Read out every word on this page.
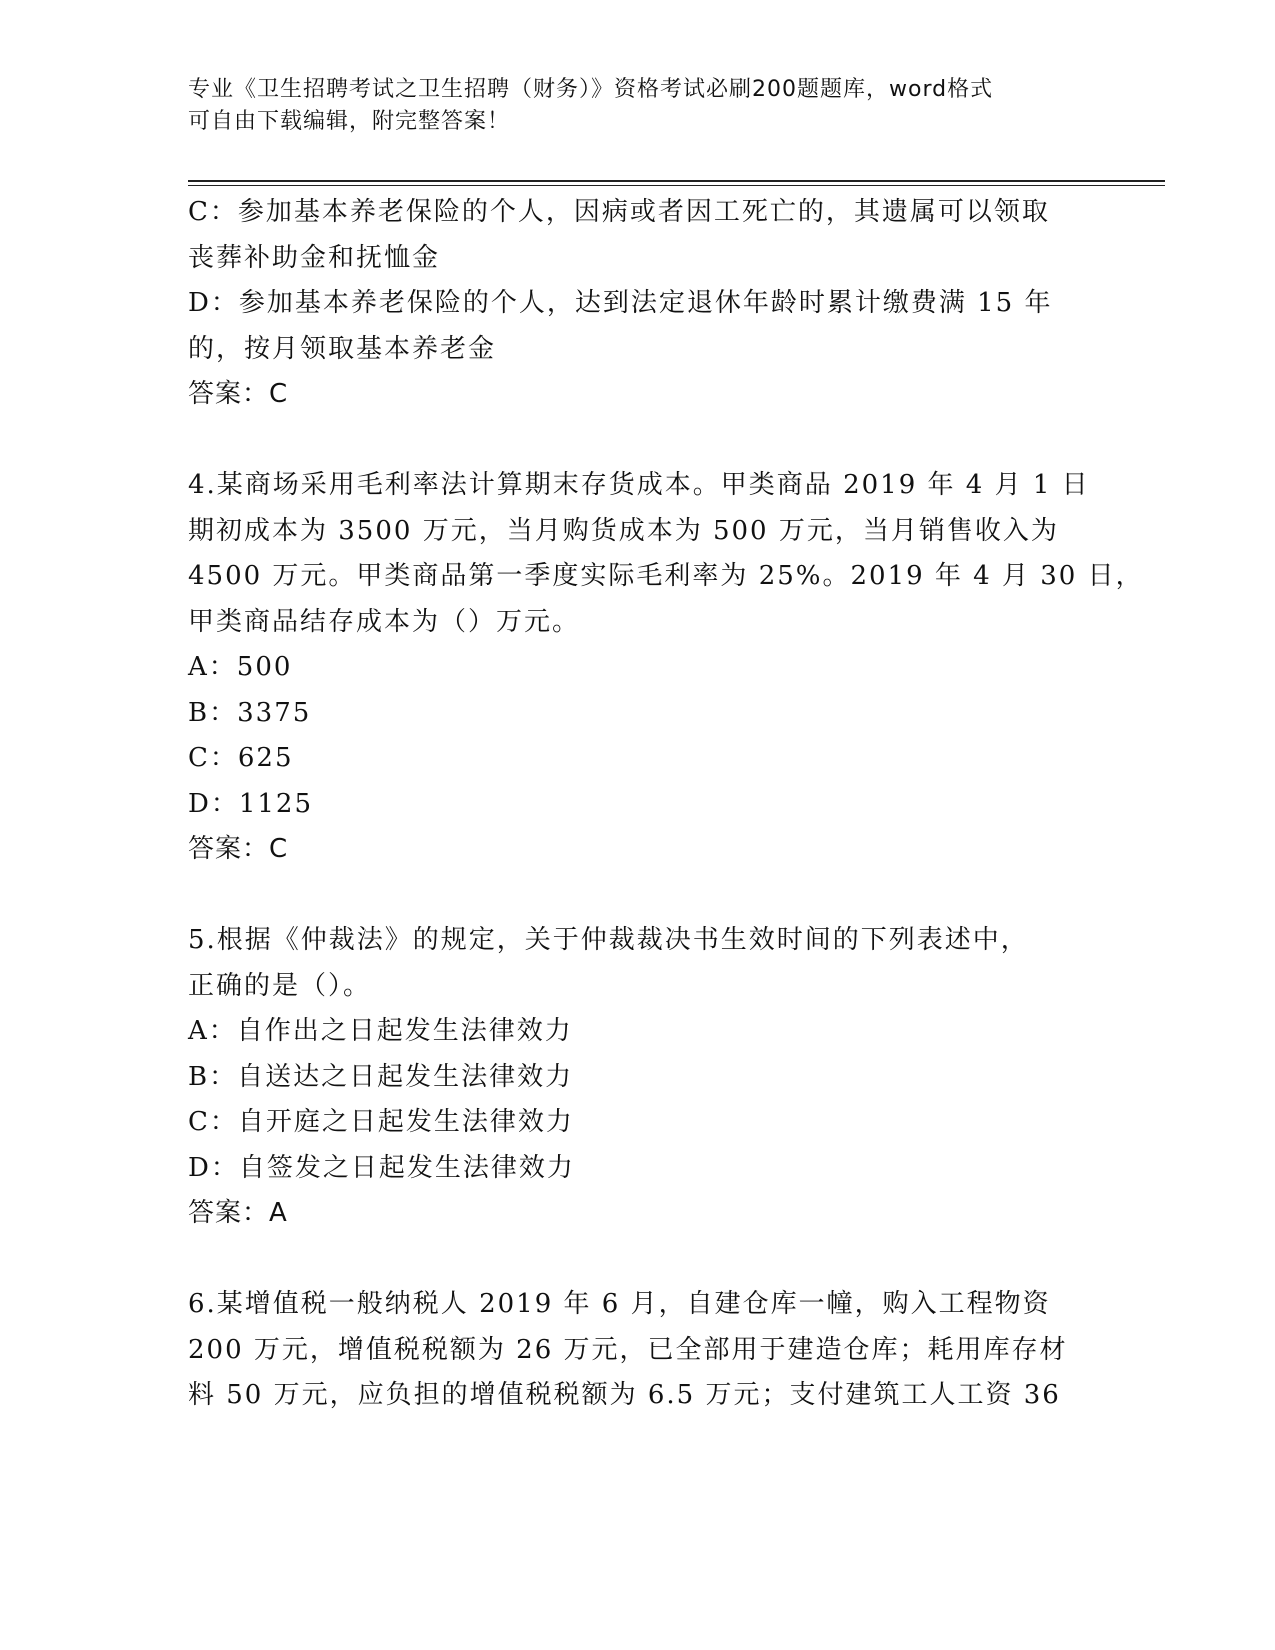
专业《卫生招聘考试之卫生招聘（财务）》资格考试必刷200题题库，word格式
可自由下载编辑，附完整答案！
C：参加基本养老保险的个人，因病或者因工死亡的，其遗属可以领取
丧葬补助金和抚恤金
D：参加基本养老保险的个人，达到法定退休年龄时累计缴费满 15 年
的，按月领取基本养老金
答案：C
4.某商场采用毛利率法计算期末存货成本。甲类商品 2019 年 4 月 1 日
期初成本为 3500 万元，当月购货成本为 500 万元，当月销售收入为
4500 万元。甲类商品第一季度实际毛利率为 25%。2019 年 4 月 30 日，
甲类商品结存成本为（）万元。
A：500
B：3375
C：625
D：1125
答案：C
5.根据《仲裁法》的规定，关于仲裁裁决书生效时间的下列表述中，
正确的是（）。
A：自作出之日起发生法律效力
B：自送达之日起发生法律效力
C：自开庭之日起发生法律效力
D：自签发之日起发生法律效力
答案：A
6.某增值税一般纳税人 2019 年 6 月，自建仓库一幢，购入工程物资
200 万元，增值税税额为 26 万元，已全部用于建造仓库；耗用库存材
料 50 万元，应负担的增值税税额为 6.5 万元；支付建筑工人工资 36
